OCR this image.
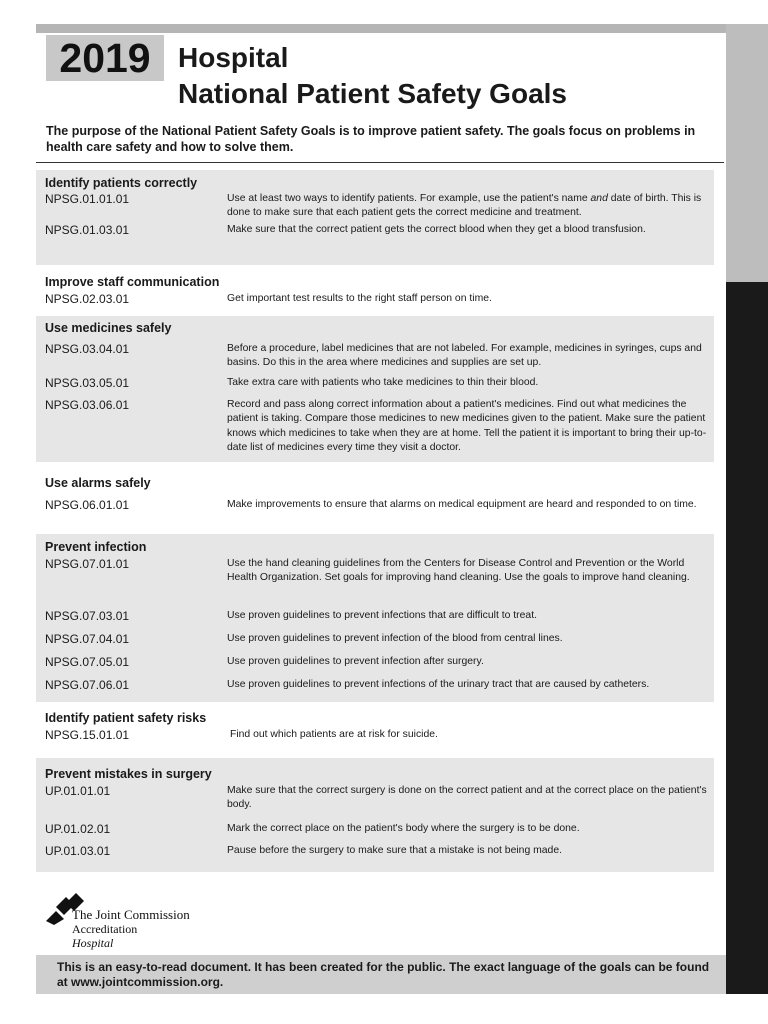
2019 Hospital
National Patient Safety Goals
The purpose of the National Patient Safety Goals is to improve patient safety. The goals focus on problems in health care safety and how to solve them.
Identify patients correctly
NPSG.01.01.01	Use at least two ways to identify patients. For example, use the patient's name and date of birth. This is done to make sure that each patient gets the correct medicine and treatment.
NPSG.01.03.01	Make sure that the correct patient gets the correct blood when they get a blood transfusion.
Improve staff communication
NPSG.02.03.01	Get important test results to the right staff person on time.
Use medicines safely
NPSG.03.04.01	Before a procedure, label medicines that are not labeled. For example, medicines in syringes, cups and basins. Do this in the area where medicines and supplies are set up.
NPSG.03.05.01	Take extra care with patients who take medicines to thin their blood.
NPSG.03.06.01	Record and pass along correct information about a patient's medicines. Find out what medicines the patient is taking. Compare those medicines to new medicines given to the patient. Make sure the patient knows which medicines to take when they are at home. Tell the patient it is important to bring their up-to-date list of medicines every time they visit a doctor.
Use alarms safely
NPSG.06.01.01	Make improvements to ensure that alarms on medical equipment are heard and responded to on time.
Prevent infection
NPSG.07.01.01	Use the hand cleaning guidelines from the Centers for Disease Control and Prevention or the World Health Organization. Set goals for improving hand cleaning. Use the goals to improve hand cleaning.
NPSG.07.03.01	Use proven guidelines to prevent infections that are difficult to treat.
NPSG.07.04.01	Use proven guidelines to prevent infection of the blood from central lines.
NPSG.07.05.01	Use proven guidelines to prevent infection after surgery.
NPSG.07.06.01	Use proven guidelines to prevent infections of the urinary tract that are caused by catheters.
Identify patient safety risks
NPSG.15.01.01	Find out which patients are at risk for suicide.
Prevent mistakes in surgery
UP.01.01.01	Make sure that the correct surgery is done on the correct patient and at the correct place on the patient's body.
UP.01.02.01	Mark the correct place on the patient's body where the surgery is to be done.
UP.01.03.01	Pause before the surgery to make sure that a mistake is not being made.
The Joint Commission
Accreditation
Hospital
This is an easy-to-read document. It has been created for the public. The exact language of the goals can be found at www.jointcommission.org.
